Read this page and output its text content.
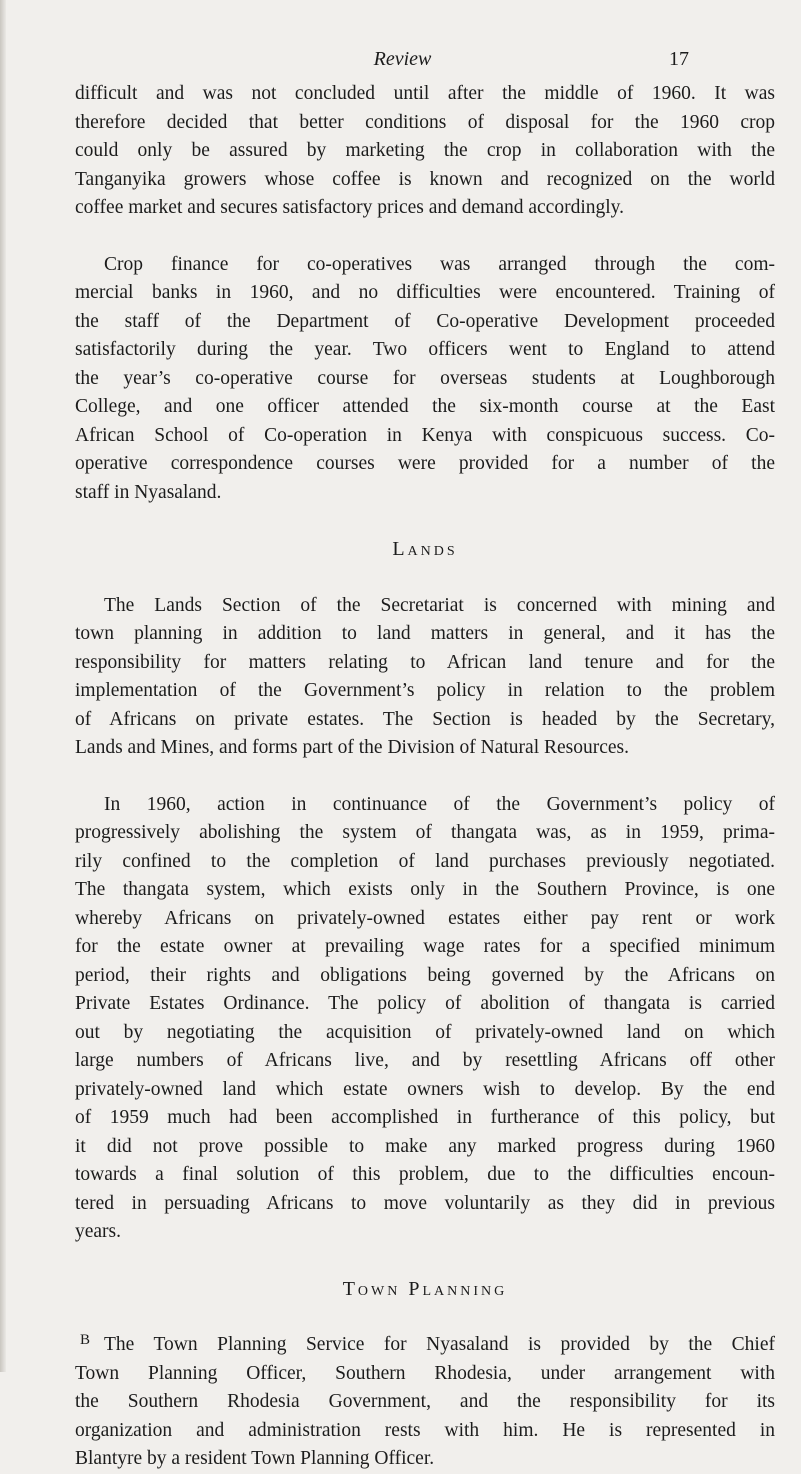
Review	17

difficult and was not concluded until after the middle of 1960. It was
therefore decided that better conditions of disposal for the 1960 crop
could only be assured by marketing the crop in collaboration with the
Tanganyika growers whose coffee is known and recognized on the world
coffee market and secures satisfactory prices and demand accordingly.

Crop finance for co-operatives was arranged through the com-
mercial banks in 1960, and no difficulties were encountered. Training of
the staff of the Department of Co-operative Development proceeded
satisfactorily during the year. Two officers went to England to attend
the year’s co-operative course for overseas students at Loughborough
College, and one officer attended the six-month course at the East
African School of Co-operation in Kenya with conspicuous success. Co-
operative correspondence courses were provided for a number of the
staff in Nyasaland.

Lands

The Lands Section of the Secretariat is concerned with mining and
town planning in addition to land matters in general, and it has the
responsibility for matters relating to African land tenure and for the
implementation of the Government’s policy in relation to the problem
of Africans on private estates. The Section is headed by the Secretary,
Lands and Mines, and forms part of the Division of Natural Resources.

In 1960, action in continuance of the Government’s policy of
progressively abolishing the system of thangata was, as in 1959, prima-
rily confined to the completion of land purchases previously negotiated.
The thangata system, which exists only in the Southern Province, is one
whereby Africans on privately-owned estates either pay rent or work
for the estate owner at prevailing wage rates for a specified minimum
period, their rights and obligations being governed by the Africans on
Private Estates Ordinance. The policy of abolition of thangata is carried
out by negotiating the acquisition of privately-owned land on which
large numbers of Africans live, and by resettling Africans off other
privately-owned land which estate owners wish to develop. By the end
of 1959 much had been accomplished in furtherance of this policy, but
it did not prove possible to make any marked progress during 1960
towards a final solution of this problem, due to the difficulties encoun-
tered in persuading Africans to move voluntarily as they did in previous
years.

Town Planning

The Town Planning Service for Nyasaland is provided by the Chief
Town Planning Officer, Southern Rhodesia, under arrangement with
the Southern Rhodesia Government, and the responsibility for its
organization and administration rests with him. He is represented in
Blantyre by a resident Town Planning Officer.

B
